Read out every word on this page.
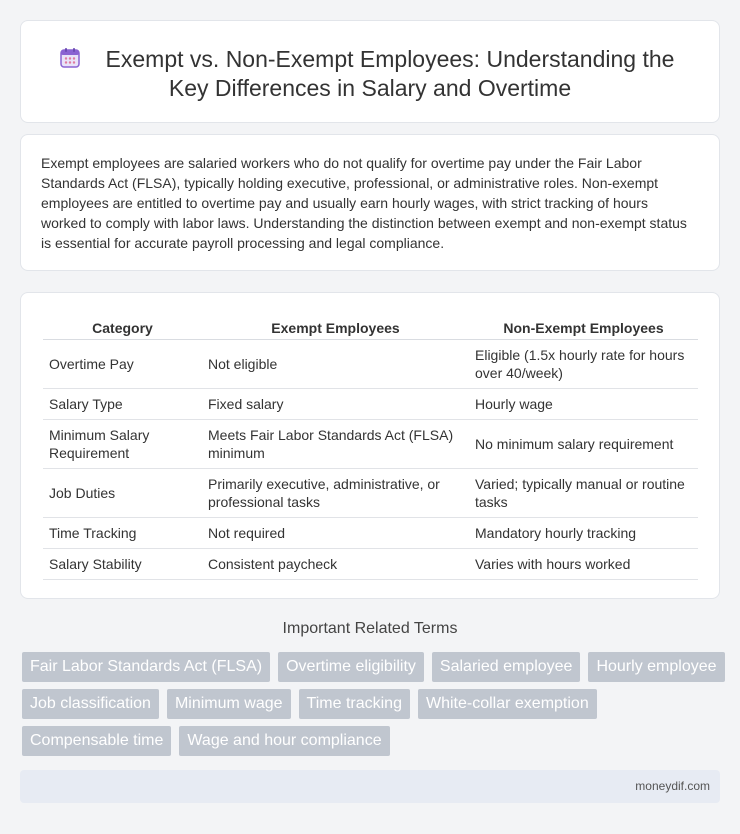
Exempt vs. Non-Exempt Employees: Understanding the
Key Differences in Salary and Overtime

Exempt employees are salaried workers who do not qualify for overtime pay under the Fair Labor Standards Act (FLSA), typically holding executive, professional, or administrative roles. Non-exempt employees are entitled to overtime pay and usually earn hourly wages, with strict tracking of hours worked to comply with labor laws. Understanding the distinction between exempt and non-exempt status is essential for accurate payroll processing and legal compliance.

Category	Exempt Employees	Non-Exempt Employees
Overtime Pay	Not eligible	Eligible (1.5x hourly rate for hours over 40/week)
Salary Type	Fixed salary	Hourly wage
Minimum Salary Requirement	Meets Fair Labor Standards Act (FLSA) minimum	No minimum salary requirement
Job Duties	Primarily executive, administrative, or professional tasks	Varied; typically manual or routine tasks
Time Tracking	Not required	Mandatory hourly tracking
Salary Stability	Consistent paycheck	Varies with hours worked
Important Related Terms
Fair Labor Standards Act (FLSA)	Overtime eligibility	Salaried employee	Hourly employee
Job classification	Minimum wage	Time tracking	White-collar exemption
Compensable time	Wage and hour compliance
moneydif.com
